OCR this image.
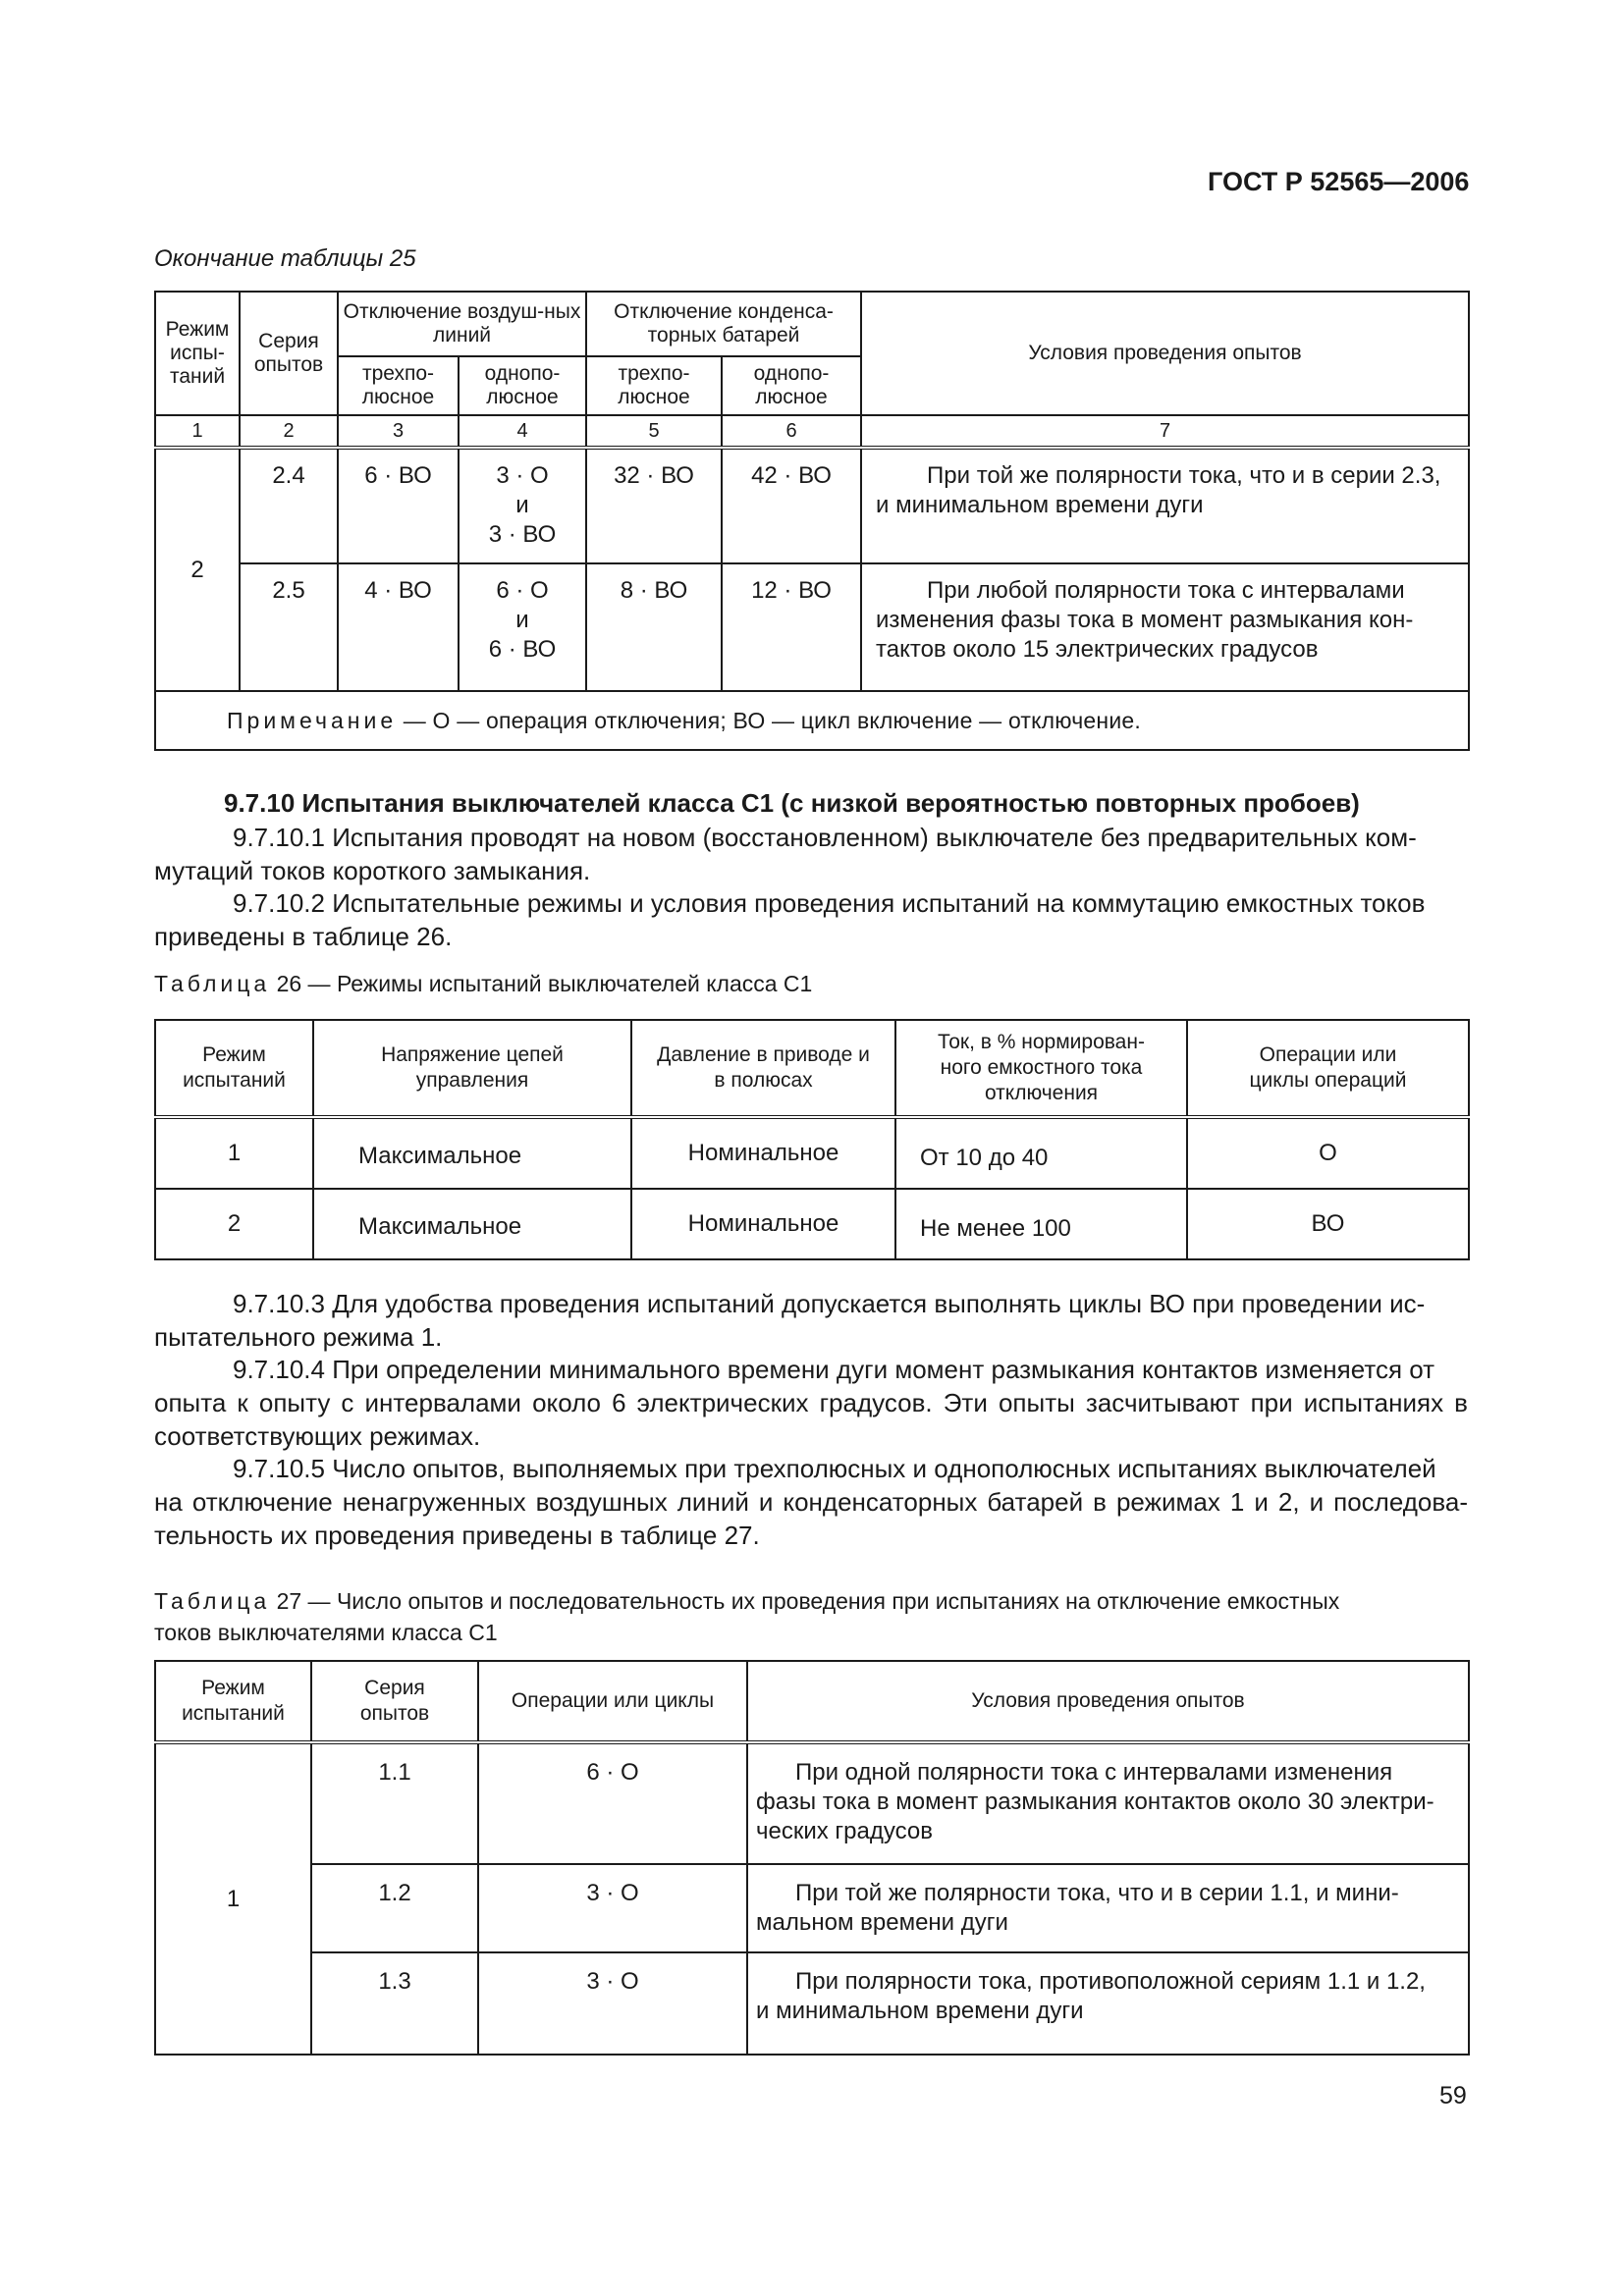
ГОСТ Р 52565—2006
Окончание таблицы 25
Режим испы-таний	Серия опытов	Отключение воздуш-ных линий		Отключение конденса-торных батарей		Условия проведения опытов
		трехпо-люсное	однопо-люсное	трехпо-люсное	однопо-люсное	
1	2	3	4	5	6	7
2	2.4	6 · ВО	3 · О
и
3 · ВО	32 · ВО	42 · ВО	При той же полярности тока, что и в серии 2.3,
и минимальном времени дуги

	2.5	4 · ВО	6 · О
и
6 · ВО	8 · ВО	12 · ВО	При любой полярности тока с интервалами
изменения фазы тока в момент размыкания кон-
тактов около 15 электрических градусов

Примечание — О — операция отключения; ВО — цикл включение — отключение.						
9.7.10 Испытания выключателей класса С1 (с низкой вероятностью повторных пробоев)
9.7.10.1 Испытания проводят на новом (восстановленном) выключателе без предварительных ком-
мутаций токов короткого замыкания.
9.7.10.2 Испытательные режимы и условия проведения испытаний на коммутацию емкостных токов
приведены в таблице 26.
Таблица 26 — Режимы испытаний выключателей класса С1
Режим испытаний	Напряжение цепей управления	Давление в приводе и в полюсах	Ток, в % нормирован-ного емкостного тока отключения	Операции или циклы операций
1	Максимальное	Номинальное	От 10 до 40	О
2	Максимальное	Номинальное	Не менее 100	ВО
9.7.10.3 Для удобства проведения испытаний допускается выполнять циклы ВО при проведении ис-
пытательного режима 1.
9.7.10.4 При определении минимального времени дуги момент размыкания контактов изменяется от
опыта к опыту с интервалами около 6 электрических градусов. Эти опыты засчитывают при испытаниях в соответствующих режимах.
9.7.10.5 Число опытов, выполняемых при трехполюсных и однополюсных испытаниях выключателей
на отключение ненагруженных воздушных линий и конденсаторных батарей в режимах 1 и 2, и последова- тельность их проведения приведены в таблице 27.
Таблица 27 — Число опытов и последовательность их проведения при испытаниях на отключение емкостных
токов выключателями класса С1
Режим испытаний	Серия опытов	Операции или циклы	Условия проведения опытов
1	1.1	6 · О	При одной полярности тока с интервалами изменения
фазы тока в момент размыкания контактов около 30 электри-
ческих градусов

	1.2	3 · О	При той же полярности тока, что и в серии 1.1, и мини-
мальном времени дуги

	1.3	3 · О	При полярности тока, противоположной сериям 1.1 и 1.2,
и минимальном времени дуги
59
